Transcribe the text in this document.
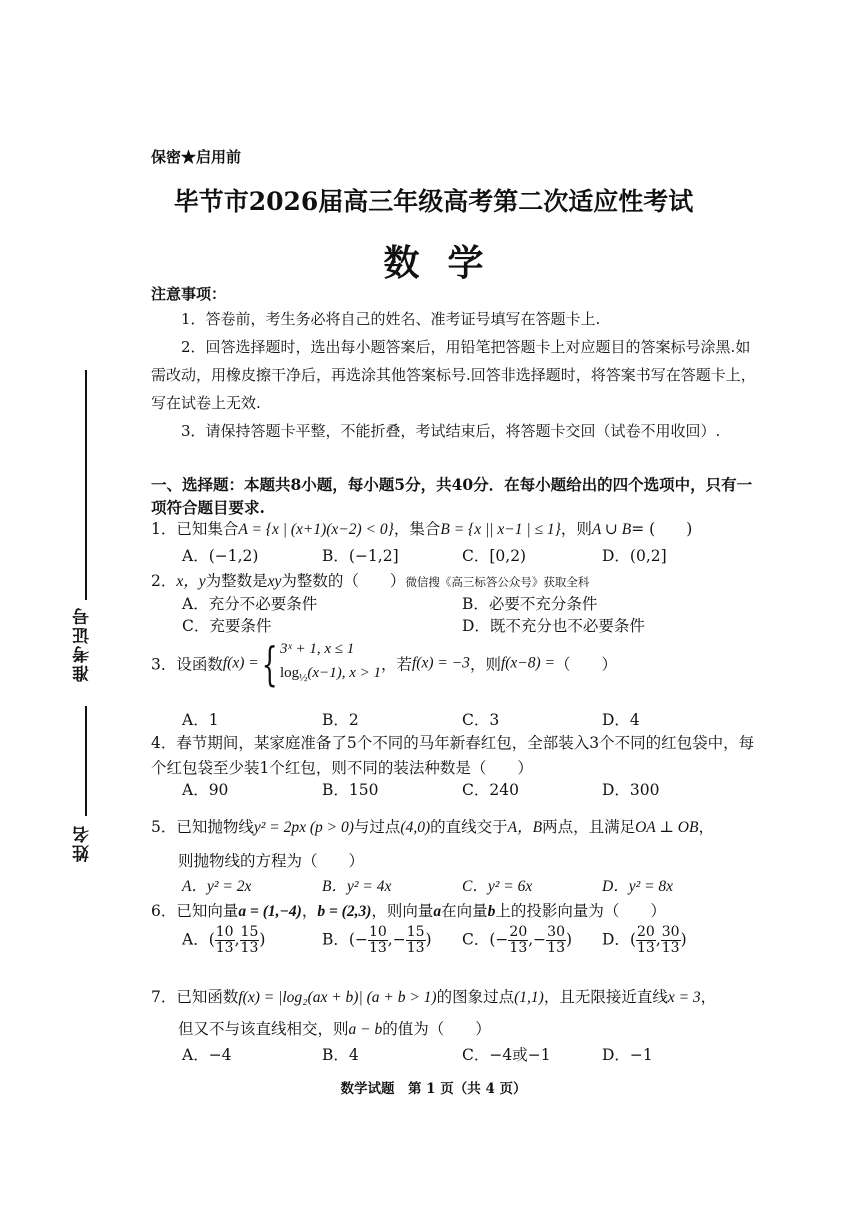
保密★启用前
毕节市2026届高三年级高考第二次适应性考试
数学
准考证号
姓名
注意事项：
1．答卷前，考生务必将自己的姓名、准考证号填写在答题卡上.
2．回答选择题时，选出每小题答案后，用铅笔把答题卡上对应题目的答案标号涂黑.如需改动，用橡皮擦干净后，再选涂其他答案标号.回答非选择题时，将答案书写在答题卡上，写在试卷上无效.
3．请保持答题卡平整，不能折叠，考试结束后，将答题卡交回（试卷不用收回）.
一、选择题：本题共8小题，每小题5分，共40分．在每小题给出的四个选项中，只有一项符合题目要求.
1．已知集合A = {x | (x+1)(x−2) < 0}，集合B = {x || x−1 | ≤ 1}，则A ∪ B= (　　)
A．(−1,2)	B．(−1,2]	C．[0,2)	D．(0,2]
2．x，y为整数是xy为整数的（　　）微信搜《高三标答公众号》获取全科
A．充分不必要条件	B．必要不充分条件
C．充要条件	D．既不充分也不必要条件
3．设函数f(x) ={ 3ˣ + 1, x ≤ 1
$\log_{\frac{1}{2}}(x-1)$, x > 1，若f(x) = −3，则f(x−8) =（　　）
A．1	B．2	C．3	D．4
4．春节期间，某家庭准备了5个不同的马年新春红包，全部装入3个不同的红包袋中，每个红包袋至少装1个红包，则不同的装法种数是（　　）
A．90	B．150	C．240	D．300
5．已知抛物线y² = 2px (p > 0)与过点(4,0)的直线交于A，B两点，且满足OA ⊥ OB，
则抛物线的方程为（　　）
A．y² = 2x	B．y² = 4x	C．y² = 6x	D．y² = 8x
6．已知向量a = (1,−4)，b = (2,3)，则向量a在向量b上的投影向量为（　　）
A．( $\frac{10}{13}$ , $\frac{15}{13}$ )	B．(− $\frac{10}{13}$ ,− $\frac{15}{13}$ ) C．(− $\frac{20}{13}$ ,− $\frac{30}{13}$ ) D．( $\frac{20}{13}$ , $\frac{30}{13}$ )
7．已知函数f(x) = |log₂(ax + b)| (a + b > 1)的图象过点(1,1)，且无限接近直线x = 3，
但又不与该直线相交，则a − b的值为（　　）
A．−4	B．4	C．−4或−1	D．−1
数学试题　第 1 页（共 4 页）
